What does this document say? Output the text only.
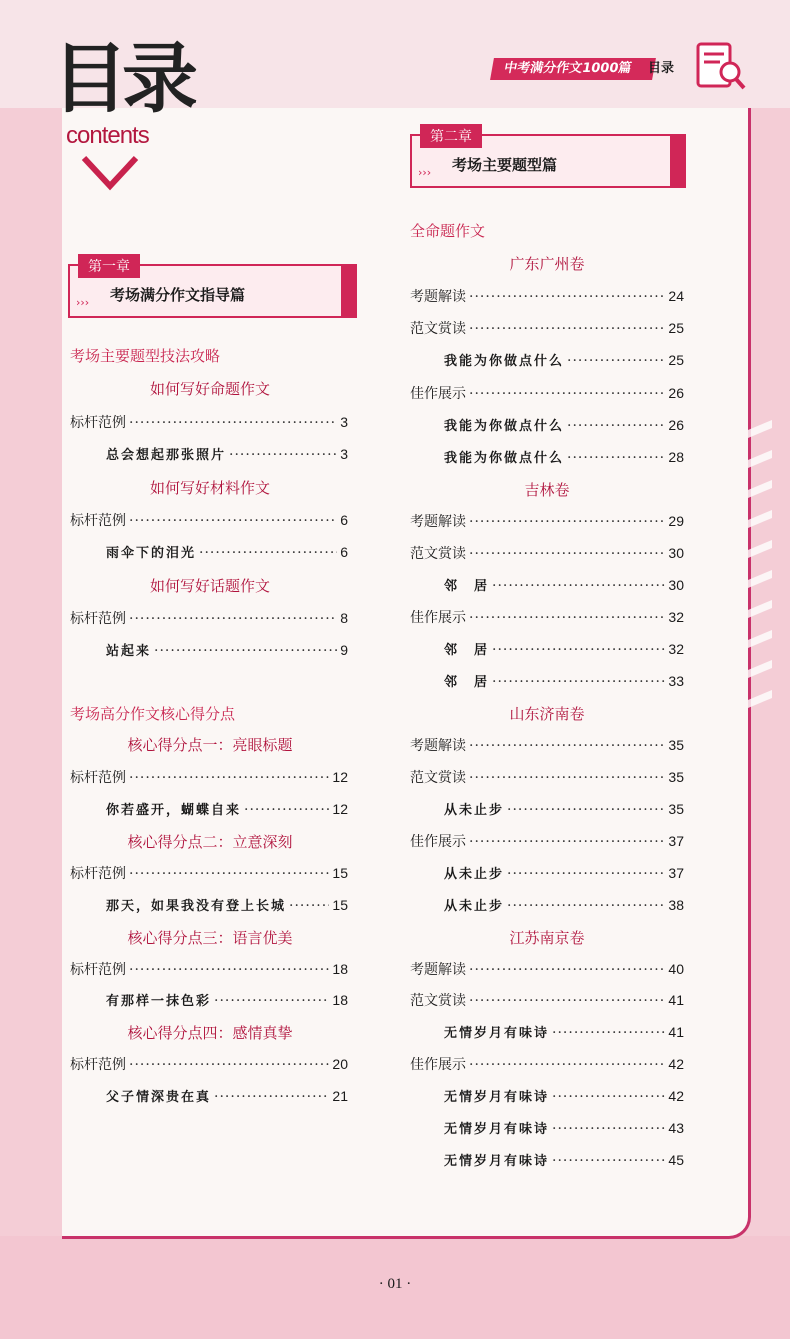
目录
contents
中考满分作文1000篇	目录
第一章
考场满分作文指导篇
›››
第二章
考场主要题型篇
›››
考场主要题型技法攻略
如何写好命题作文
标杆范例 ·····	3
总会想起那张照片 ·····	3
如何写好材料作文
标杆范例 ·····	6
雨伞下的泪光 ·····	6
如何写好话题作文
标杆范例 ·····	8
站起来 ·····	9
考场高分作文核心得分点
核心得分点一：亮眼标题
标杆范例 ·····	12
你若盛开，蝴蝶自来 ·····	12
核心得分点二：立意深刻
标杆范例 ·····	15
那天，如果我没有登上长城 ·····	15
核心得分点三：语言优美
标杆范例 ·····	18
有那样一抹色彩 ·····	18
核心得分点四：感情真挚
标杆范例 ·····	20
父子情深贵在真 ·····	21
全命题作文
广东广州卷
考题解读 ·····	24
范文赏读 ·····	25
我能为你做点什么 ·····	25
佳作展示 ·····	26
我能为你做点什么 ·····	26
我能为你做点什么 ·····	28
吉林卷
考题解读 ·····	29
范文赏读 ·····	30
邻　居 ·····	30
佳作展示 ·····	32
邻　居 ·····	32
邻　居 ·····	33
山东济南卷
考题解读 ·····	35
范文赏读 ·····	35
从未止步 ·····	35
佳作展示 ·····	37
从未止步 ·····	37
从未止步 ·····	38
江苏南京卷
考题解读 ·····	40
范文赏读 ·····	41
无情岁月有味诗 ·····	41
佳作展示 ·····	42
无情岁月有味诗 ·····	42
无情岁月有味诗 ·····	43
无情岁月有味诗 ·····	45
· 01 ·
